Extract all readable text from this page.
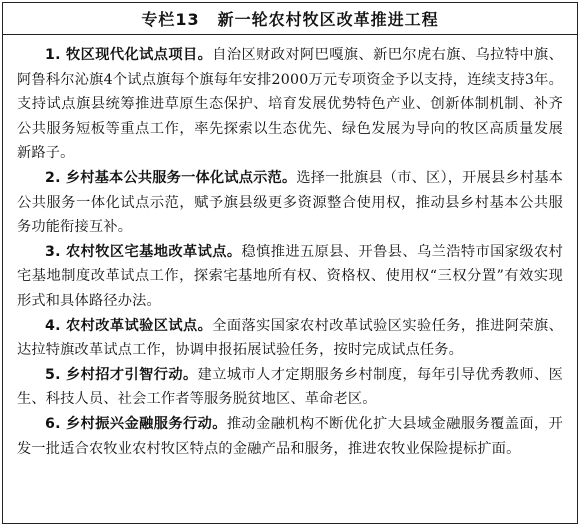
专栏13 新一轮农村牧区改革推进工程

1. 牧区现代化试点项目。自治区财政对阿巴嘎旗、新巴尔虎右旗、乌拉特中旗、阿鲁科尔沁旗4个试点旗每个旗每年安排2000万元专项资金予以支持，连续支持3年。支持试点旗县统筹推进草原生态保护、培育发展优势特色产业、创新体制机制、补齐公共服务短板等重点工作，率先探索以生态优先、绿色发展为导向的牧区高质量发展新路子。

2. 乡村基本公共服务一体化试点示范。选择一批旗县（市、区），开展县乡村基本公共服务一体化试点示范，赋予旗县级更多资源整合使用权，推动县乡村基本公共服务功能衔接互补。

3. 农村牧区宅基地改革试点。稳慎推进五原县、开鲁县、乌兰浩特市国家级农村宅基地制度改革试点工作，探索宅基地所有权、资格权、使用权“三权分置”有效实现形式和具体路径办法。

4. 农村改革试验区试点。全面落实国家农村改革试验区实验任务，推进阿荣旗、达拉特旗改革试点工作，协调申报拓展试验任务，按时完成试点任务。

5. 乡村招才引智行动。建立城市人才定期服务乡村制度，每年引导优秀教师、医生、科技人员、社会工作者等服务脱贫地区、革命老区。

6. 乡村振兴金融服务行动。推动金融机构不断优化扩大县域金融服务覆盖面，开发一批适合农牧业农村牧区特点的金融产品和服务，推进农牧业保险提标扩面。
